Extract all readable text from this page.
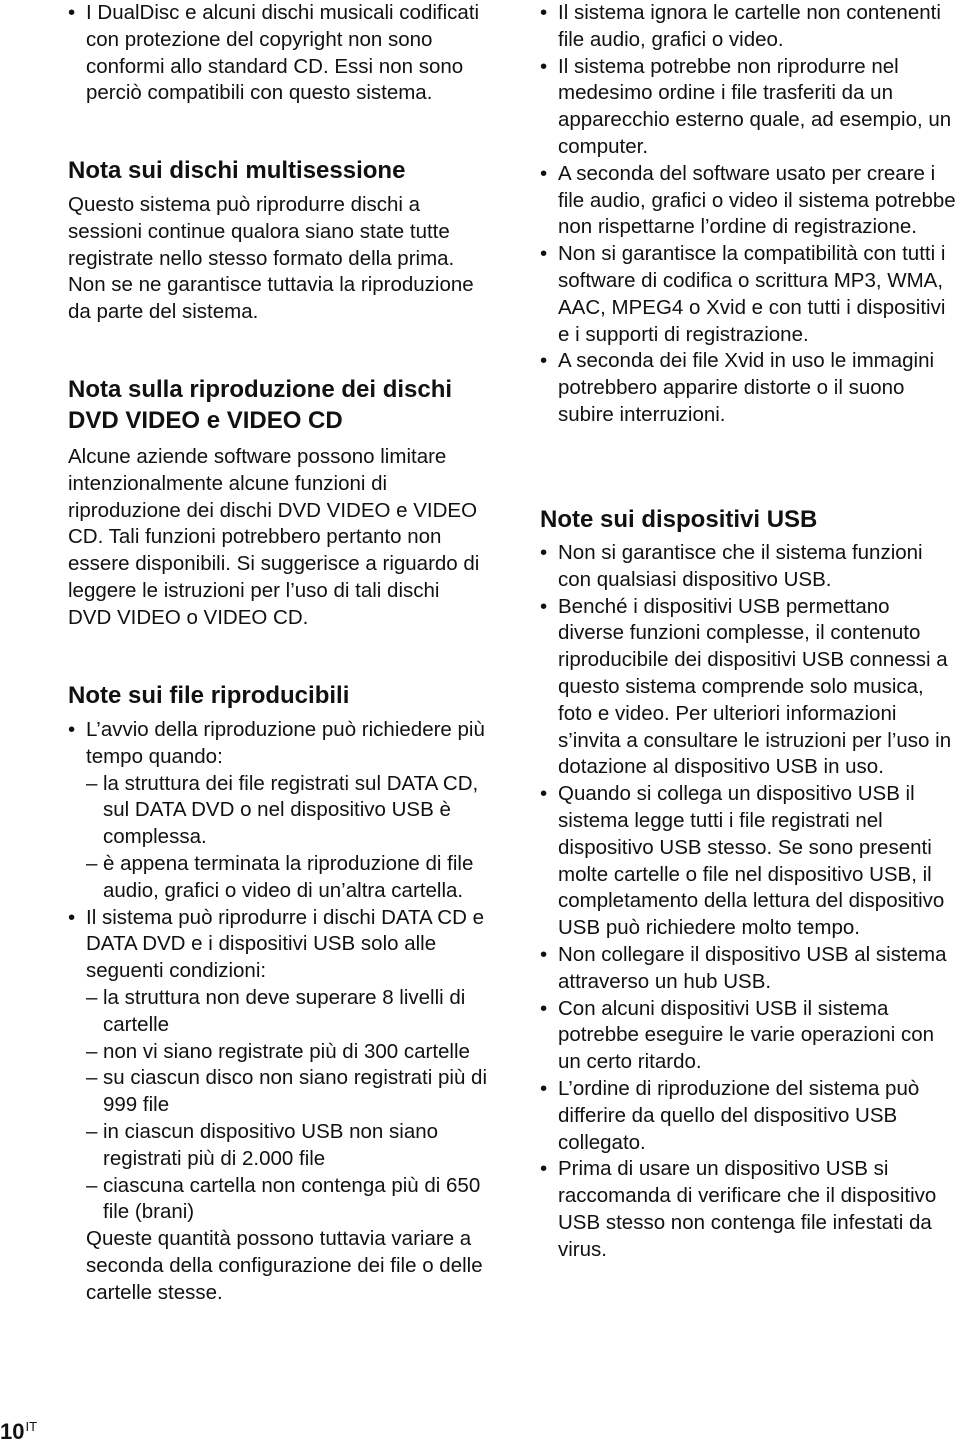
• I DualDisc e alcuni dischi musicali codificati con protezione del copyright non sono conformi allo standard CD. Essi non sono perciò compatibili con questo sistema.
Nota sui dischi multisessione

Questo sistema può riprodurre dischi a sessioni continue qualora siano state tutte registrate nello stesso formato della prima. Non se ne garantisce tuttavia la riproduzione da parte del sistema.

Nota sulla riproduzione dei dischi DVD VIDEO e VIDEO CD

Alcune aziende software possono limitare intenzionalmente alcune funzioni di riproduzione dei dischi DVD VIDEO e VIDEO CD. Tali funzioni potrebbero pertanto non essere disponibili. Si suggerisce a riguardo di leggere le istruzioni per l’uso di tali dischi DVD VIDEO o VIDEO CD.

Note sui file riproducibili
• L’avvio della riproduzione può richiedere più tempo quando:
– la struttura dei file registrati sul DATA CD, sul DATA DVD o nel dispositivo USB è complessa.
– è appena terminata la riproduzione di file audio, grafici o video di un’altra cartella.
• Il sistema può riprodurre i dischi DATA CD e DATA DVD e i dispositivi USB solo alle seguenti condizioni:
– la struttura non deve superare 8 livelli di cartelle
– non vi siano registrate più di 300 cartelle
– su ciascun disco non siano registrati più di 999 file
– in ciascun dispositivo USB non siano registrati più di 2.000 file
– ciascuna cartella non contenga più di 650 file (brani)
Queste quantità possono tuttavia variare a seconda della configurazione dei file o delle cartelle stesse.
• Il sistema ignora le cartelle non contenenti file audio, grafici o video.
• Il sistema potrebbe non riprodurre nel medesimo ordine i file trasferiti da un apparecchio esterno quale, ad esempio, un computer.
• A seconda del software usato per creare i file audio, grafici o video il sistema potrebbe non rispettarne l’ordine di registrazione.
• Non si garantisce la compatibilità con tutti i software di codifica o scrittura MP3, WMA, AAC, MPEG4 o Xvid e con tutti i dispositivi e i supporti di registrazione.
• A seconda dei file Xvid in uso le immagini potrebbero apparire distorte o il suono subire interruzioni.
Note sui dispositivi USB
• Non si garantisce che il sistema funzioni con qualsiasi dispositivo USB.
• Benché i dispositivi USB permettano diverse funzioni complesse, il contenuto riproducibile dei dispositivi USB connessi a questo sistema comprende solo musica, foto e video. Per ulteriori informazioni s’invita a consultare le istruzioni per l’uso in dotazione al dispositivo USB in uso.
• Quando si collega un dispositivo USB il sistema legge tutti i file registrati nel dispositivo USB stesso. Se sono presenti molte cartelle o file nel dispositivo USB, il completamento della lettura del dispositivo USB può richiedere molto tempo.
• Non collegare il dispositivo USB al sistema attraverso un hub USB.
• Con alcuni dispositivi USB il sistema potrebbe eseguire le varie operazioni con un certo ritardo.
• L’ordine di riproduzione del sistema può differire da quello del dispositivo USB collegato.
• Prima di usare un dispositivo USB si raccomanda di verificare che il dispositivo USB stesso non contenga file infestati da virus.
$10^{IT}$
